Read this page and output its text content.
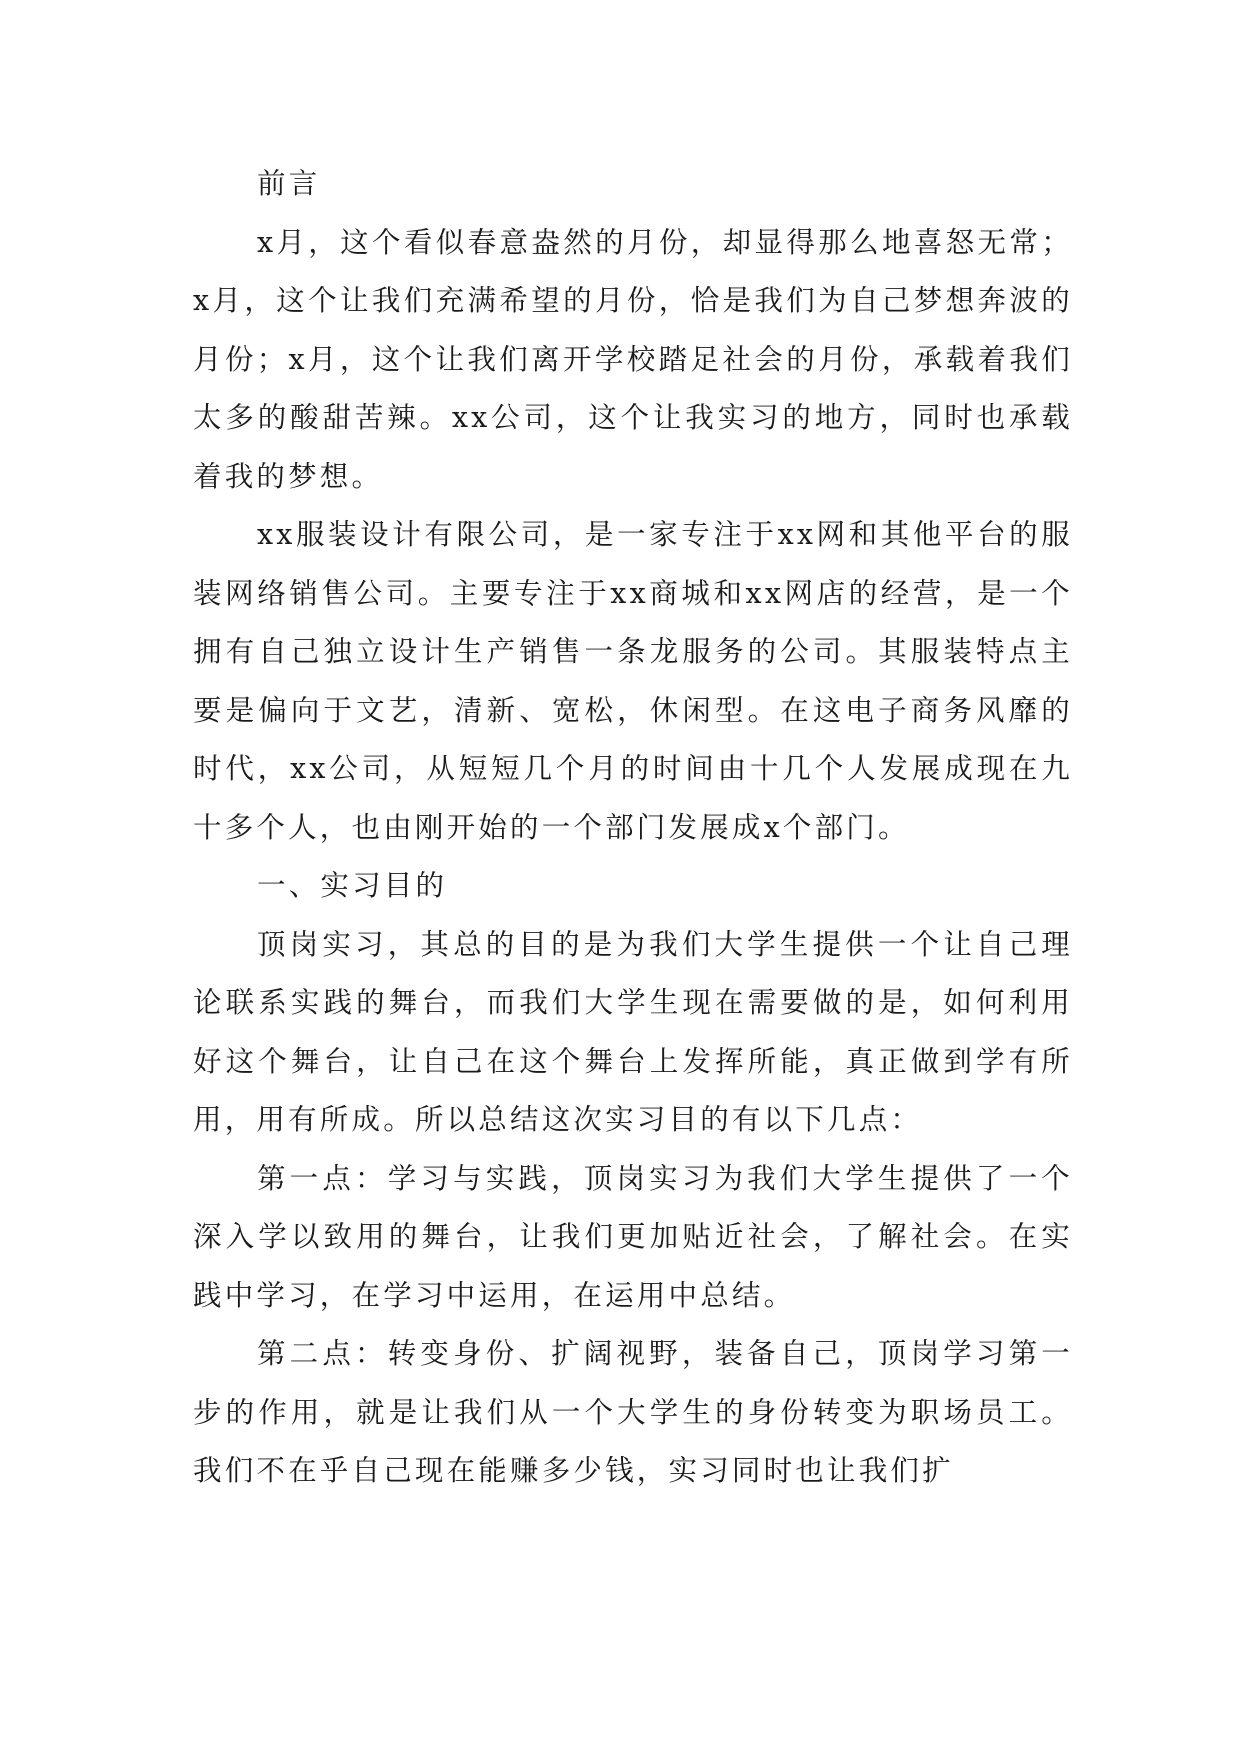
前言

x月，这个看似春意盎然的月份，却显得那么地喜怒无常；x月，这个让我们充满希望的月份，恰是我们为自己梦想奔波的月份；x月，这个让我们离开学校踏足社会的月份，承载着我们太多的酸甜苦辣。xx公司，这个让我实习的地方，同时也承载着我的梦想。

xx服装设计有限公司，是一家专注于xx网和其他平台的服装网络销售公司。主要专注于xx商城和xx网店的经营，是一个拥有自己独立设计生产销售一条龙服务的公司。其服装特点主要是偏向于文艺，清新、宽松，休闲型。在这电子商务风靡的时代，xx公司，从短短几个月的时间由十几个人发展成现在九十多个人，也由刚开始的一个部门发展成x个部门。

一、实习目的

顶岗实习，其总的目的是为我们大学生提供一个让自己理论联系实践的舞台，而我们大学生现在需要做的是，如何利用好这个舞台，让自己在这个舞台上发挥所能，真正做到学有所用，用有所成。所以总结这次实习目的有以下几点：

第一点：学习与实践，顶岗实习为我们大学生提供了一个深入学以致用的舞台，让我们更加贴近社会，了解社会。在实践中学习，在学习中运用，在运用中总结。

第二点：转变身份、扩阔视野，装备自己，顶岗学习第一步的作用，就是让我们从一个大学生的身份转变为职场员工。我们不在乎自己现在能赚多少钱，实习同时也让我们扩
